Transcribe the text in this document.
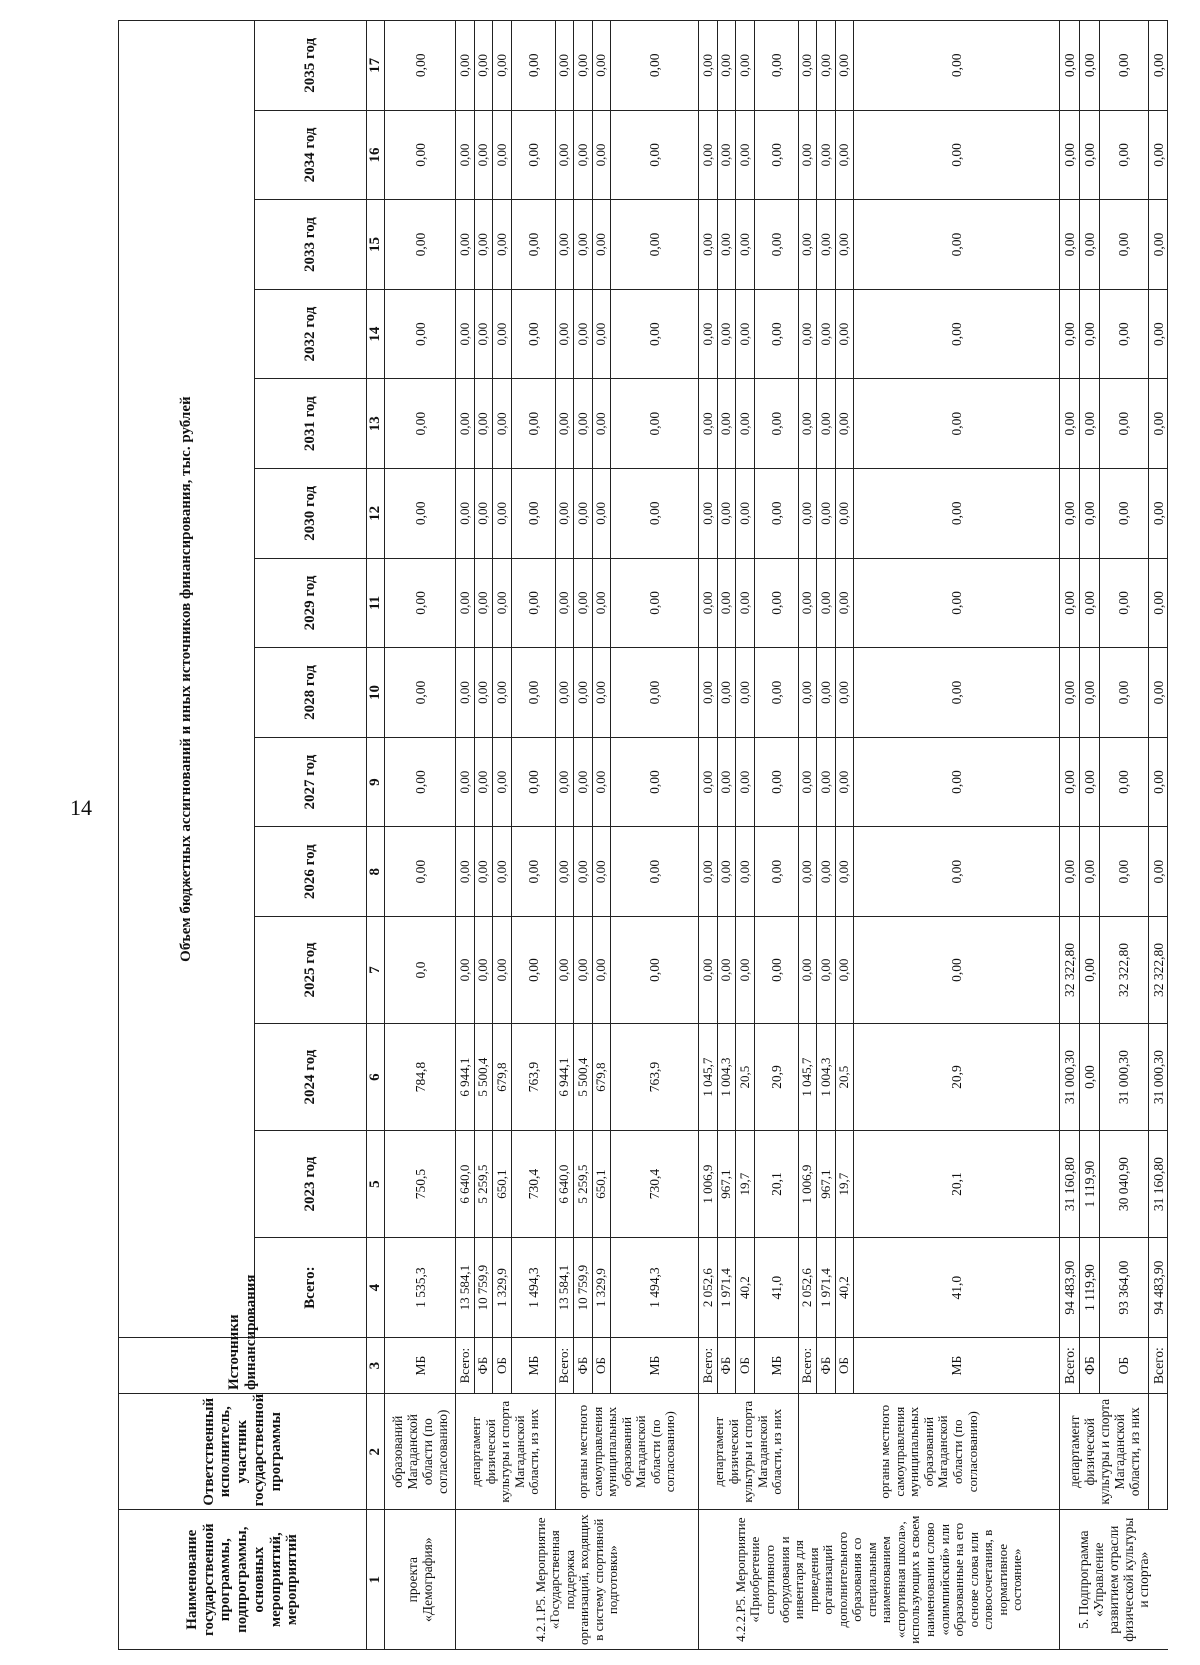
14
Наименование государственной программы, подпрограммы, основных мероприятий, мероприятий	Ответственный исполнитель, участник государственной программы	Источники финансирования	Объем бюджетных ассигнований и иных источников финансирования, тыс. рублей													
			Всего:	2023 год	2024 год	2025 год	2026 год	2027 год	2028 год	2029 год	2030 год	2031 год	2032 год	2033 год	2034 год	2035 год
1	2	3	4	5	6	7	8	9	10	11	12	13	14	15	16	17
проекта «Демография»	образований Магаданской области (по согласованию)	МБ	1 535,3	750,5	784,8	0,0	0,00	0,00	0,00	0,00	0,00	0,00	0,00	0,00	0,00	0,00
4.2.1.Р5. Мероприятие «Государственная поддержка организаций, входящих в систему спортивной подготовки»	департамент физической культуры и спорта Магаданской области, из них	Всего:	13 584,1	6 640,0	6 944,1	0,00	0,00	0,00	0,00	0,00	0,00	0,00	0,00	0,00	0,00	0,00
		ФБ	10 759,9	5 259,5	5 500,4	0,00	0,00	0,00	0,00	0,00	0,00	0,00	0,00	0,00	0,00	0,00
		ОБ	1 329,9	650,1	679,8	0,00	0,00	0,00	0,00	0,00	0,00	0,00	0,00	0,00	0,00	0,00
		МБ	1 494,3	730,4	763,9	0,00	0,00	0,00	0,00	0,00	0,00	0,00	0,00	0,00	0,00	0,00
	органы местного самоуправления муниципальных образований Магаданской области (по согласованию)	Всего:	13 584,1	6 640,0	6 944,1	0,00	0,00	0,00	0,00	0,00	0,00	0,00	0,00	0,00	0,00	0,00
		ФБ	10 759,9	5 259,5	5 500,4	0,00	0,00	0,00	0,00	0,00	0,00	0,00	0,00	0,00	0,00	0,00
		ОБ	1 329,9	650,1	679,8	0,00	0,00	0,00	0,00	0,00	0,00	0,00	0,00	0,00	0,00	0,00
		МБ	1 494,3	730,4	763,9	0,00	0,00	0,00	0,00	0,00	0,00	0,00	0,00	0,00	0,00	0,00
4.2.2.Р5. Мероприятие «Приобретение спортивного оборудования и инвентаря для приведения организаций дополнительного образования со специальным наименованием «спортивная школа», использующих в своем наименовании слово «олимпийский» или образованные на его основе слова или словосочетания, в нормативное состояние»	департамент физической культуры и спорта Магаданской области, из них	Всего:	2 052,6	1 006,9	1 045,7	0,00	0,00	0,00	0,00	0,00	0,00	0,00	0,00	0,00	0,00	0,00
		ФБ	1 971,4	967,1	1 004,3	0,00	0,00	0,00	0,00	0,00	0,00	0,00	0,00	0,00	0,00	0,00
		ОБ	40,2	19,7	20,5	0,00	0,00	0,00	0,00	0,00	0,00	0,00	0,00	0,00	0,00	0,00
		МБ	41,0	20,1	20,9	0,00	0,00	0,00	0,00	0,00	0,00	0,00	0,00	0,00	0,00	0,00
	органы местного самоуправления муниципальных образований Магаданской области (по согласованию)	Всего:	2 052,6	1 006,9	1 045,7	0,00	0,00	0,00	0,00	0,00	0,00	0,00	0,00	0,00	0,00	0,00
		ФБ	1 971,4	967,1	1 004,3	0,00	0,00	0,00	0,00	0,00	0,00	0,00	0,00	0,00	0,00	0,00
		ОБ	40,2	19,7	20,5	0,00	0,00	0,00	0,00	0,00	0,00	0,00	0,00	0,00	0,00	0,00
		МБ	41,0	20,1	20,9	0,00	0,00	0,00	0,00	0,00	0,00	0,00	0,00	0,00	0,00	0,00
5. Подпрограмма «Управление развитием отрасли физической культуры и спорта»	департамент физической культуры и спорта Магаданской области, из них	Всего:	94 483,90	31 160,80	31 000,30	32 322,80	0,00	0,00	0,00	0,00	0,00	0,00	0,00	0,00	0,00	0,00
		ФБ	1 119,90	1 119,90	0,00	0,00	0,00	0,00	0,00	0,00	0,00	0,00	0,00	0,00	0,00	0,00
		ОБ	93 364,00	30 040,90	31 000,30	32 322,80	0,00	0,00	0,00	0,00	0,00	0,00	0,00	0,00	0,00	0,00
		Всего:	94 483,90	31 160,80	31 000,30	32 322,80	0,00	0,00	0,00	0,00	0,00	0,00	0,00	0,00	0,00	0,00
